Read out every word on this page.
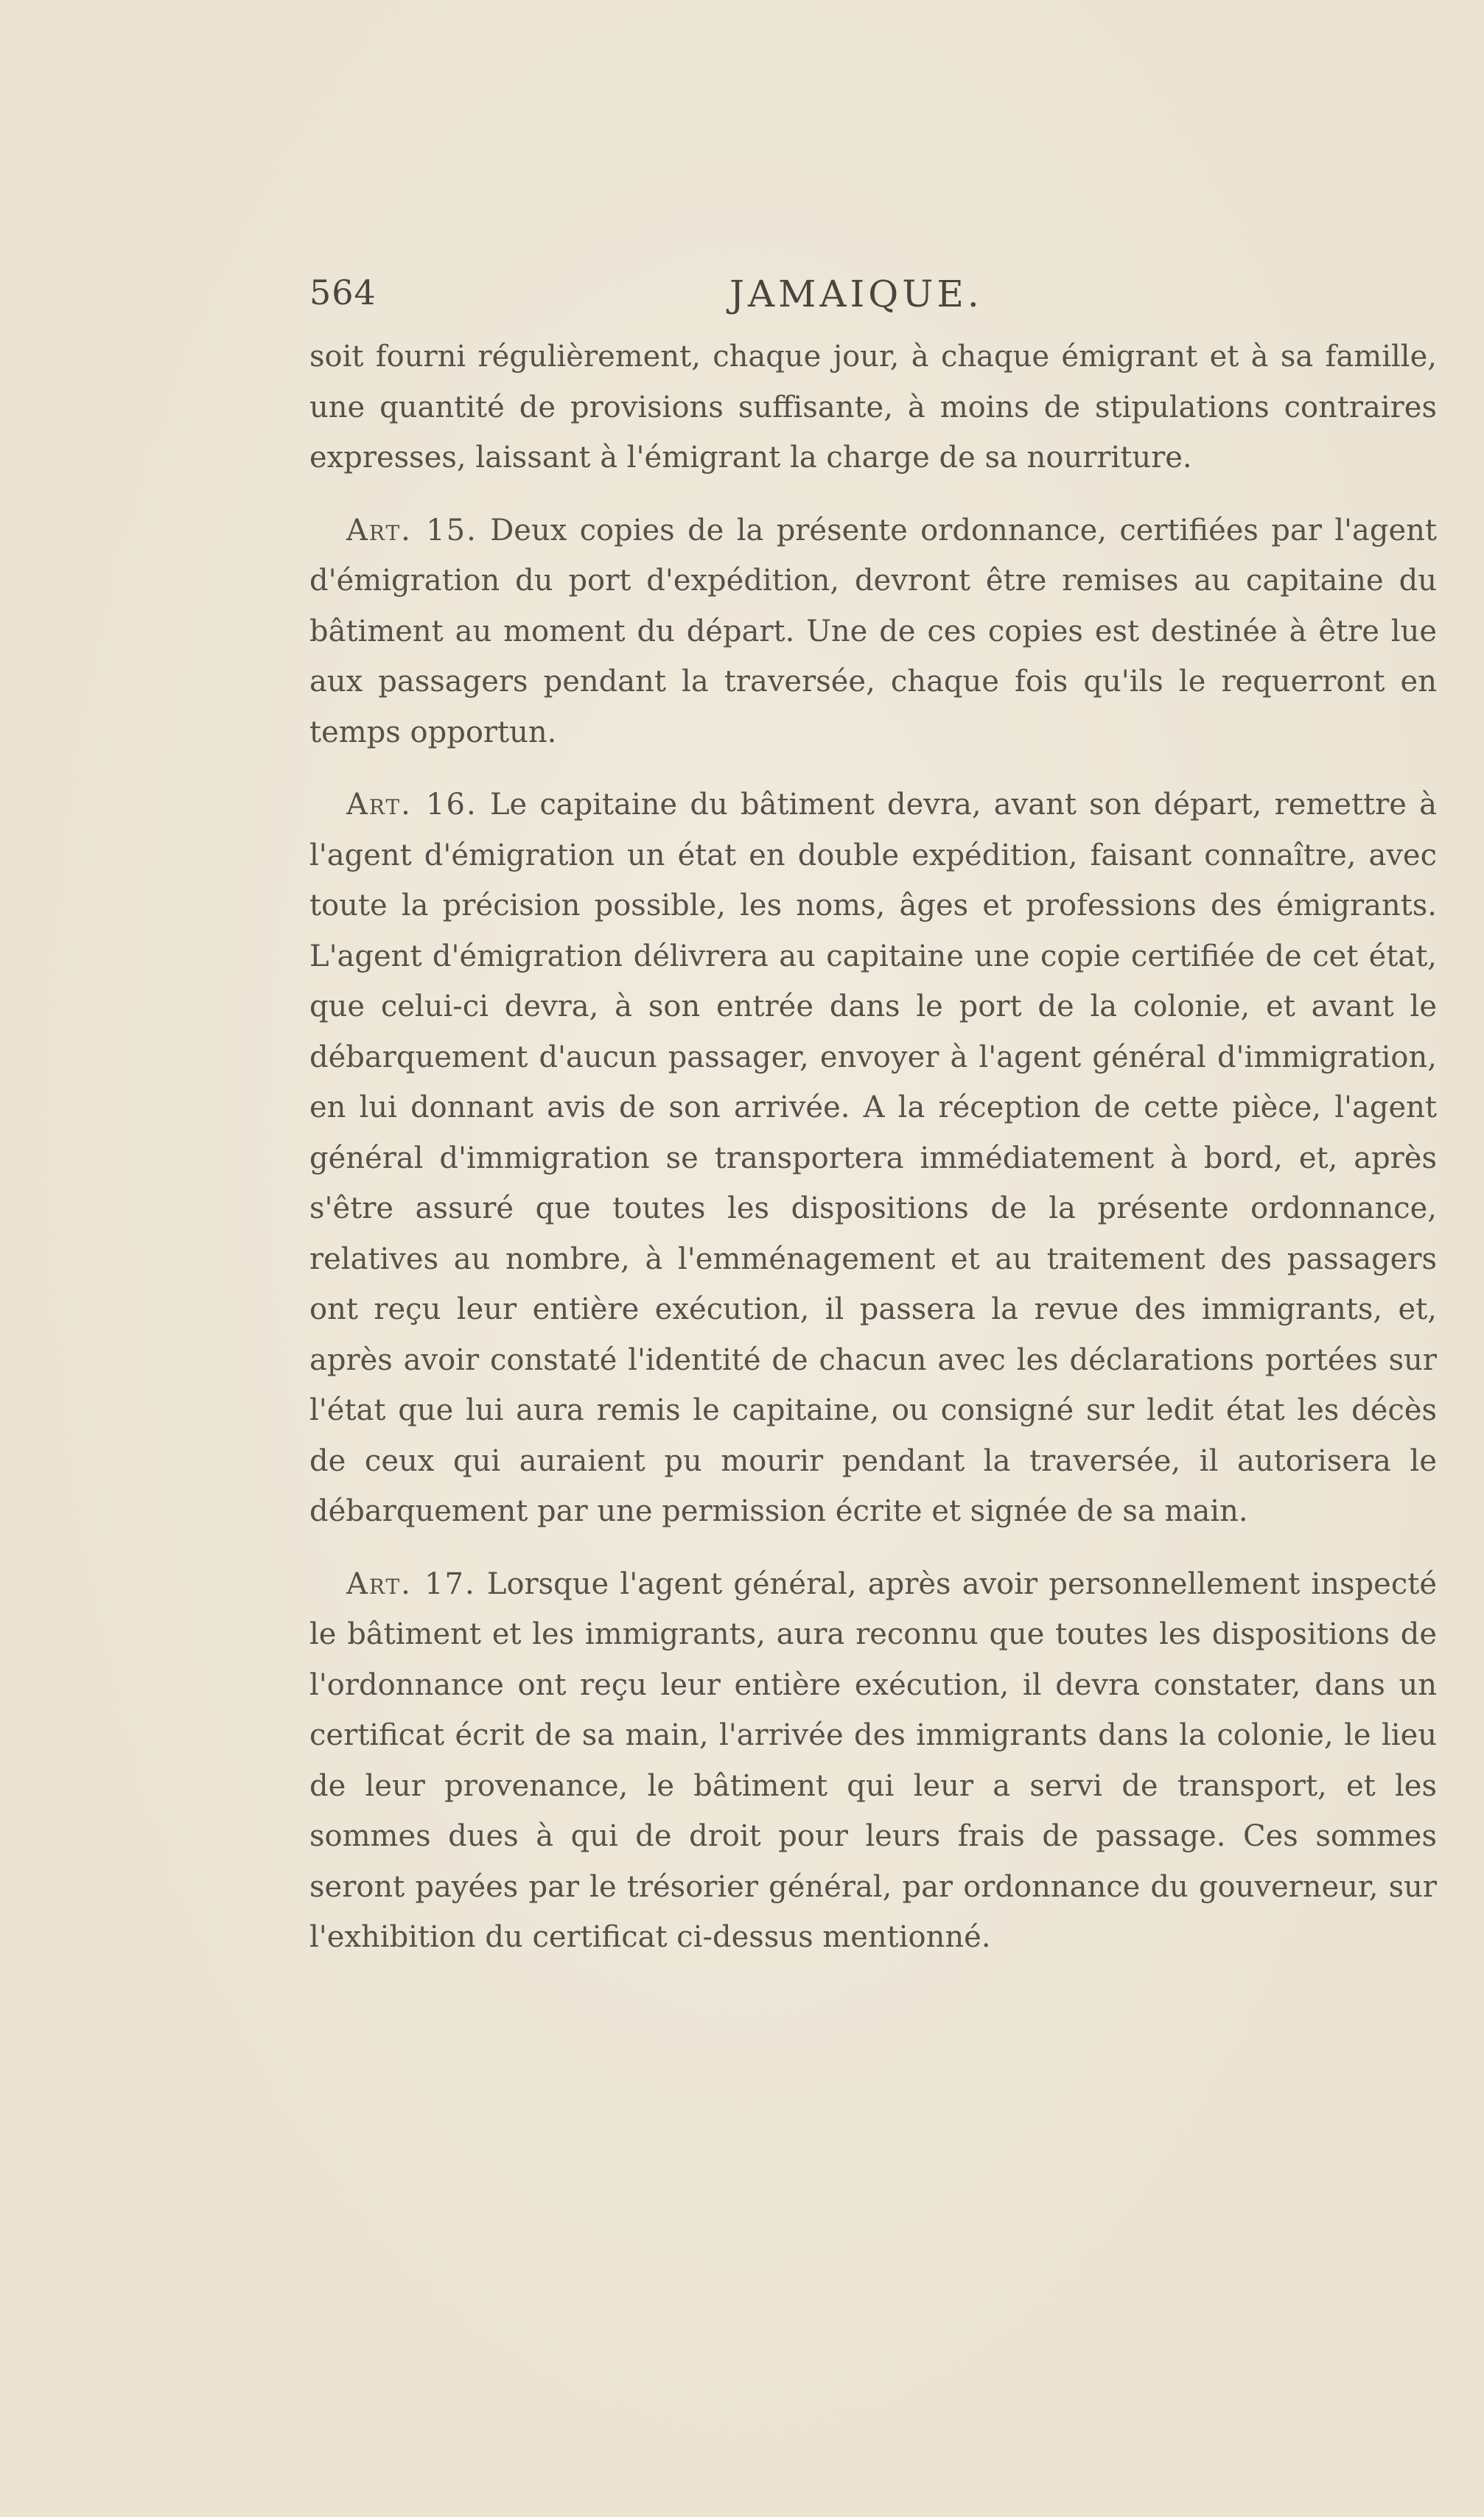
564	JAMAIQUE.

soit fourni régulièrement, chaque jour, à chaque émigrant et à sa famille, une quantité de provisions suffisante, à moins de stipulations contraires expresses, laissant à l'émigrant la charge de sa nourriture.

Art. 15. Deux copies de la présente ordonnance, certifiées par l'agent d'émigration du port d'expédition, devront être remises au capitaine du bâtiment au moment du départ. Une de ces copies est destinée à être lue aux passagers pendant la traversée, chaque fois qu'ils le requerront en temps opportun.

Art. 16. Le capitaine du bâtiment devra, avant son départ, remettre à l'agent d'émigration un état en double expédition, faisant connaître, avec toute la précision possible, les noms, âges et professions des émigrants. L'agent d'émigration délivrera au capitaine une copie certifiée de cet état, que celui-ci devra, à son entrée dans le port de la colonie, et avant le débarquement d'aucun passager, envoyer à l'agent général d'immigration, en lui donnant avis de son arrivée. A la réception de cette pièce, l'agent général d'immigration se transportera immédiatement à bord, et, après s'être assuré que toutes les dispositions de la présente ordonnance, relatives au nombre, à l'emménagement et au traitement des passagers ont reçu leur entière exécution, il passera la revue des immigrants, et, après avoir constaté l'identité de chacun avec les déclarations portées sur l'état que lui aura remis le capitaine, ou consigné sur ledit état les décès de ceux qui auraient pu mourir pendant la traversée, il autorisera le débarquement par une permission écrite et signée de sa main.

Art. 17. Lorsque l'agent général, après avoir personnellement inspecté le bâtiment et les immigrants, aura reconnu que toutes les dispositions de l'ordonnance ont reçu leur entière exécution, il devra constater, dans un certificat écrit de sa main, l'arrivée des immigrants dans la colonie, le lieu de leur provenance, le bâtiment qui leur a servi de transport, et les sommes dues à qui de droit pour leurs frais de passage. Ces sommes seront payées par le trésorier général, par ordonnance du gouverneur, sur l'exhibition du certificat ci-dessus mentionné.
